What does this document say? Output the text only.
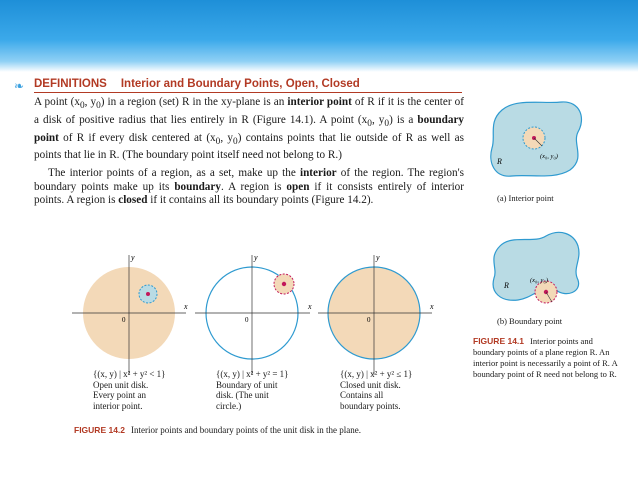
❧ DEFINITIONS Interior and Boundary Points, Open, Closed

A point ($x_0$, $y_0$) in a region (set) R in the xy-plane is an interior point of R if it is the center of a disk of positive radius that lies entirely in R (Figure 14.1). A point ($x_0$, $y_0$) is a boundary point of R if every disk centered at ($x_0$, $y_0$) contains points that lie outside of R as well as points that lie in R. (The boundary point itself need not belong to R.)

The interior points of a region, as a set, make up the interior of the region. The region's boundary points make up its boundary. A region is open if it consists entirely of interior points. A region is closed if it contains all its boundary points (Figure 14.2).

x
y
0
x
y
0
x
y
0
{(x, y) | x² + y² < 1}
Open unit disk.
Every point an
interior point.
{(x, y) | x² + y² = 1}
Boundary of unit
disk. (The unit
circle.)
{(x, y) | x² + y² ≤ 1}
Closed unit disk.
Contains all
boundary points.
FIGURE 14.2 Interior points and boundary points of the unit disk in the plane.
R
(x₀, y₀)
(a) Interior point
R
(x₀, y₀)
(b) Boundary point
FIGURE 14.1 Interior points and boundary points of a plane region R. An interior point is necessarily a point of R. A boundary point of R need not belong to R.
